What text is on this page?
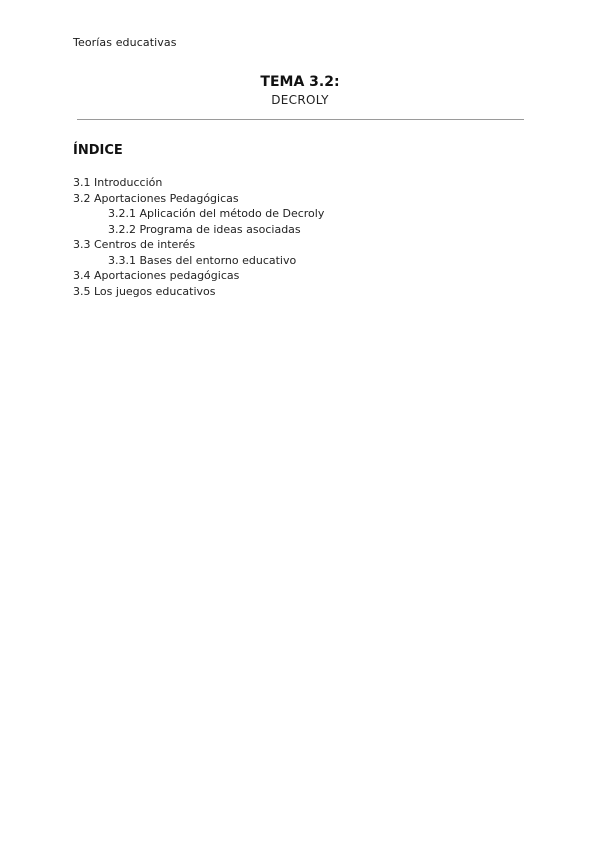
Teorías educativas
TEMA 3.2:
DECROLY
ÍNDICE
3.1 Introducción
3.2 Aportaciones Pedagógicas
3.2.1 Aplicación del método de Decroly
3.2.2 Programa de ideas asociadas
3.3 Centros de interés
3.3.1 Bases del entorno educativo
3.4 Aportaciones pedagógicas
3.5 Los juegos educativos
